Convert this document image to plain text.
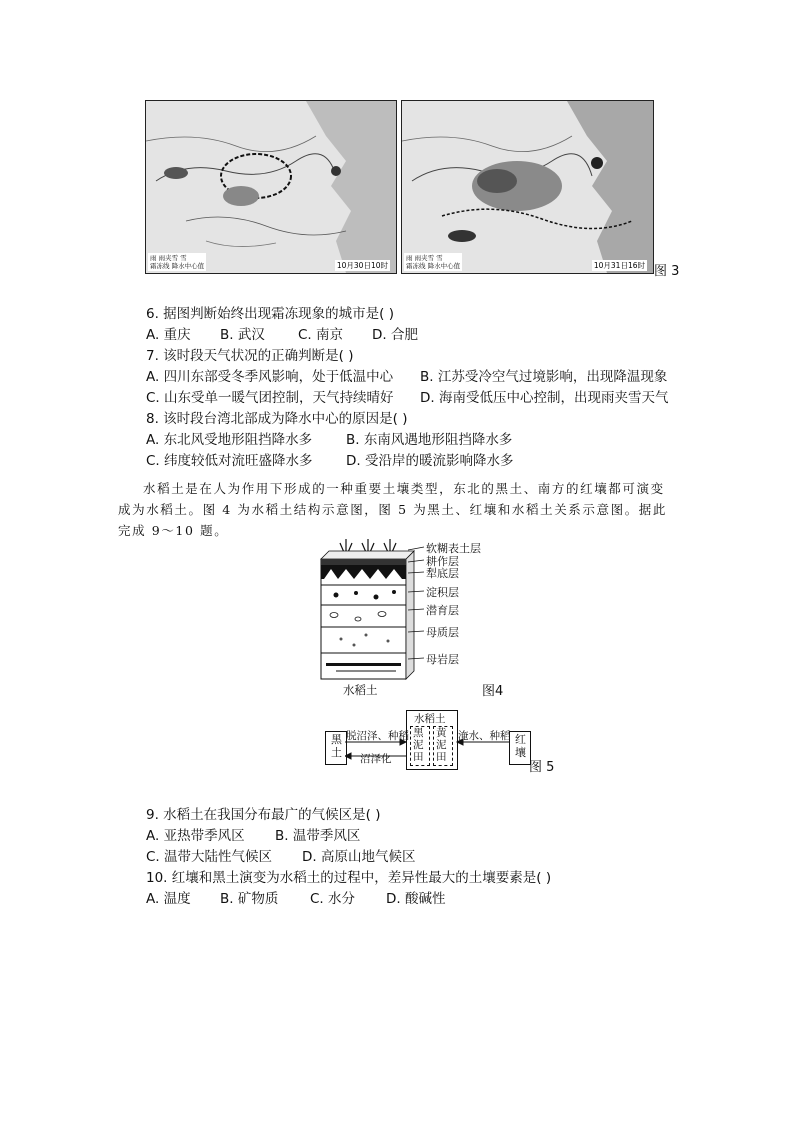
雨 雨夹雪 雪
霜冻线 降水中心值	10月30日10时
雨 雨夹雪 雪
霜冻线 降水中心值	10月31日16时 图 3
6. 据图判断始终出现霜冻现象的城市是( )
A. 重庆 B. 武汉 C. 南京 D. 合肥
7. 该时段天气状况的正确判断是( )
A. 四川东部受冬季风影响，处于低温中心 B. 江苏受冷空气过境影响，出现降温现象
C. 山东受单一暖气团控制，天气持续晴好 D. 海南受低压中心控制，出现雨夹雪天气
8. 该时段台湾北部成为降水中心的原因是( )
A. 东北风受地形阻挡降水多	B. 东南风遇地形阻挡降水多
C. 纬度较低对流旺盛降水多 D. 受沿岸的暖流影响降水多
水稻土是在人为作用下形成的一种重要土壤类型，东北的黑土、南方的红壤都可演变成为水稻土。图 4 为水稻土结构示意图，图 5 为黑土、红壤和水稻土关系示意图。据此完成 9～10 题。
软糊表土层
耕作层
犁底层
淀积层
潜育层
母质层
母岩层
水稻土	图4
黑土
水稻土
黑泥田
黄泥田
红壤
脱沼泽、种稻
沼泽化
淹水、种稻
图 5
9. 水稻土在我国分布最广的气候区是( )
A. 亚热带季风区 B. 温带季风区
C. 温带大陆性气候区 D. 高原山地气候区
10. 红壤和黑土演变为水稻土的过程中，差异性最大的土壤要素是( )
A. 温度 B. 矿物质 C. 水分 D. 酸碱性
